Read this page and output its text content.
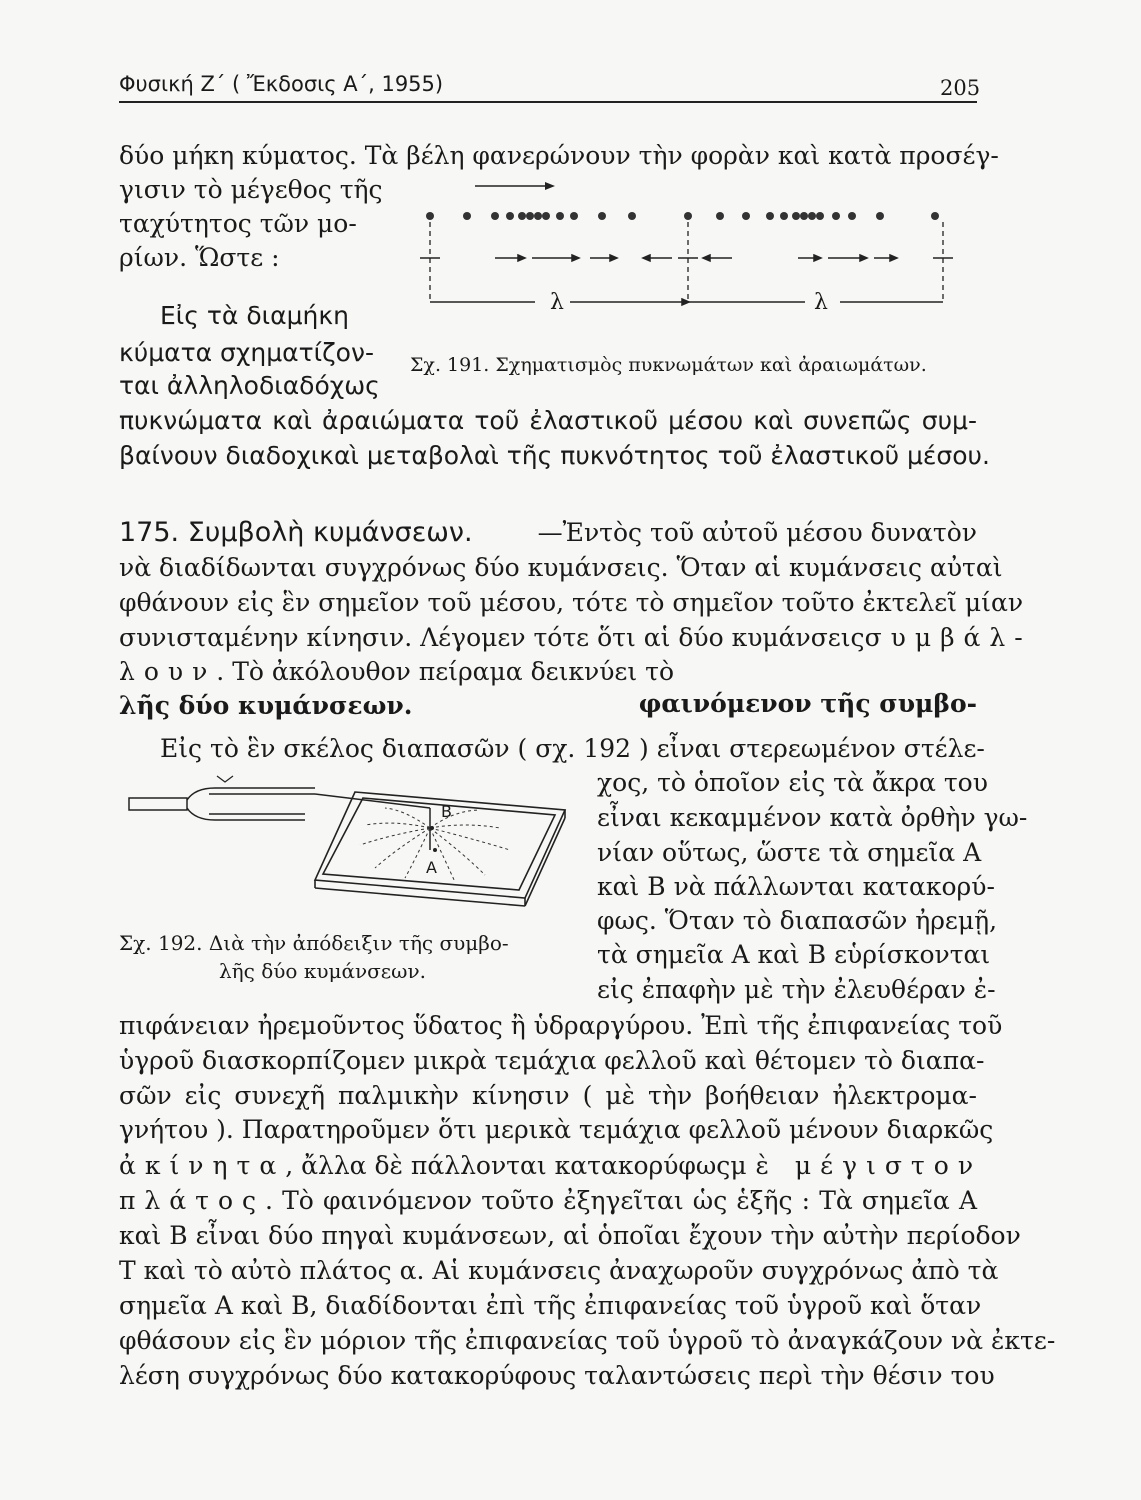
Φυσική Ζ΄ ( Ἔκδοσις Α΄, 1955)	205
δύο μήκη κύματος. Τὰ βέλη φανερώνουν τὴν φορὰν καὶ κατὰ προσέγ-
γισιν τὸ μέγεθος τῆς
ταχύτητος τῶν μο-
ρίων. Ὥστε :
Εἰς τὰ διαμήκη
κύματα σχηματίζον-
ται ἀλληλοδιαδόχως
πυκνώματα καὶ ἀραιώματα τοῦ ἐλαστικοῦ μέσου καὶ συνεπῶς συμ-
βαίνουν διαδοχικαὶ μεταβολαὶ τῆς πυκνότητος τοῦ ἐλαστικοῦ μέσου.
λ	λ
Σχ. 191. Σχηματισμὸς πυκνωμάτων καὶ ἀραιωμάτων.
175. Συμβολὴ κυμάνσεων.	—Ἐντὸς τοῦ αὐτοῦ μέσου δυνατὸν
νὰ διαδίδωνται συγχρόνως δύο κυμάνσεις. Ὅταν αἱ κυμάνσεις αὐταὶ
φθάνουν εἰς ἓν σημεῖον τοῦ μέσου, τότε τὸ σημεῖον τοῦτο ἐκτελεῖ μίαν
συνισταμένην κίνησιν. Λέγομεν τότε ὅτι αἱ δύο κυμάνσεις συμβάλ-
λουν. Τὸ ἀκόλουθον πείραμα δεικνύει τὸ
φαινόμενον τῆς συμβο-
λῆς δύο κυμάνσεων.
Εἰς τὸ ἓν σκέλος διαπασῶν ( σχ. 192 ) εἶναι στερεωμένον στέλε-
χος, τὸ ὁποῖον εἰς τὰ ἄκρα του
εἶναι κεκαμμένον κατὰ ὀρθὴν γω-
νίαν οὕτως, ὥστε τὰ σημεῖα Α
καὶ Β νὰ πάλλωνται κατακορύ-
φως. Ὅταν τὸ διαπασῶν ἠρεμῇ,
τὰ σημεῖα Α καὶ Β εὑρίσκονται
εἰς ἐπαφὴν μὲ τὴν ἐλευθέραν ἐ-
B
A
Σχ. 192. Διὰ τὴν ἀπόδειξιν τῆς συμβο-
λῆς δύο κυμάνσεων.
πιφάνειαν ἠρεμοῦντος ὕδατος ἢ ὑδραργύρου. Ἐπὶ τῆς ἐπιφανείας τοῦ
ὑγροῦ διασκορπίζομεν μικρὰ τεμάχια φελλοῦ καὶ θέτομεν τὸ διαπα-
σῶν εἰς συνεχῆ παλμικὴν κίνησιν ( μὲ τὴν βοήθειαν ἠλεκτρομα-
γνήτου ). Παρατηροῦμεν ὅτι μερικὰ τεμάχια φελλοῦ μένουν διαρκῶς
ἀκίνητα, ἄλλα δὲ πάλλονται κατακορύφως μὲ μέγιστον
πλάτος . Τὸ φαινόμενον τοῦτο ἐξηγεῖται ὡς ἑξῆς : Τὰ σημεῖα Α
καὶ Β εἶναι δύο πηγαὶ κυμάνσεων, αἱ ὁποῖαι ἔχουν τὴν αὐτὴν περίοδον
Τ καὶ τὸ αὐτὸ πλάτος α. Αἱ κυμάνσεις ἀναχωροῦν συγχρόνως ἀπὸ τὰ
σημεῖα Α καὶ Β, διαδίδονται ἐπὶ τῆς ἐπιφανείας τοῦ ὑγροῦ καὶ ὅταν
φθάσουν εἰς ἓν μόριον τῆς ἐπιφανείας τοῦ ὑγροῦ τὸ ἀναγκάζουν νὰ ἐκτε-
λέση συγχρόνως δύο κατακορύφους ταλαντώσεις περὶ τὴν θέσιν του
